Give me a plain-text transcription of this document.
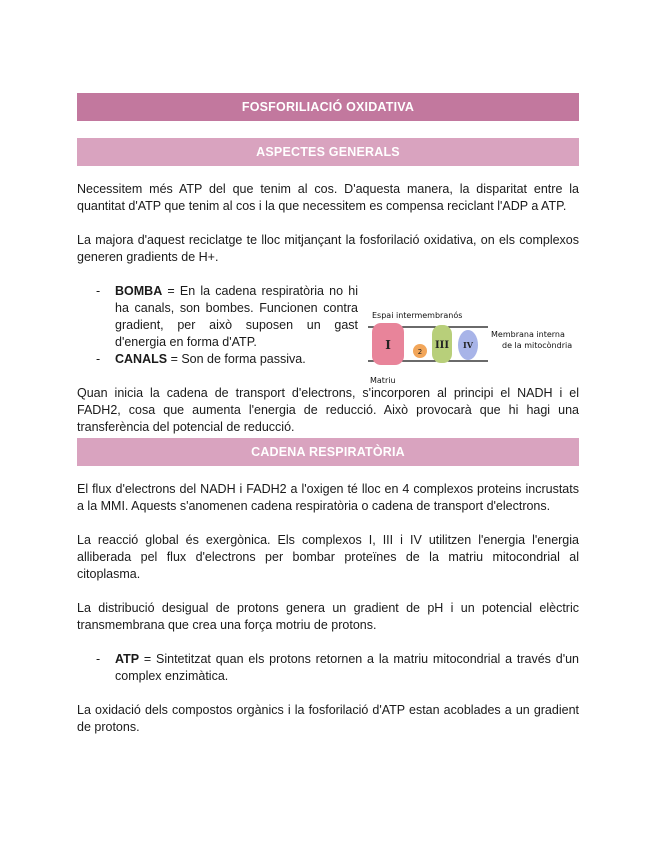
FOSFORILIACIÓ OXIDATIVA
ASPECTES GENERALS

Necessitem més ATP del que tenim al cos. D'aquesta manera, la disparitat entre la quantitat d'ATP que tenim al cos i la que necessitem es compensa reciclant l'ADP a ATP.

La majora d'aquest reciclatge te lloc mitjançant la fosforilació oxidativa, on els complexos generen gradients de H+.

- BOMBA = En la cadena respiratòria no hi ha canals, son bombes. Funcionen contra gradient, per això suposen un gast d'energia en forma d'ATP.
- CANALS = Son de forma passiva.

Quan inicia la cadena de transport d'electrons, s'incorporen al principi el NADH i el FADH2, cosa que aumenta l'energia de reducció. Això provocarà que hi hagi una transferència del potencial de reducció.

CADENA RESPIRATÒRIA

El flux d'electrons del NADH i FADH2 a l'oxigen té lloc en 4 complexos proteins incrustats a la MMI. Aquests s'anomenen cadena respiratòria o cadena de transport d'electrons.

La reacció global és exergònica. Els complexos I, III i IV utilitzen l'energia l'energia alliberada pel flux d'electrons per bombar proteïnes de la matriu mitocondrial al citoplasma.

La distribució desigual de protons genera un gradient de pH i un potencial elèctric transmembrana que crea una força motriu de protons.

- ATP = Sintetitzat quan els protons retornen a la matriu mitocondrial a través d'un complex enzimàtica.

La oxidació dels compostos orgànics i la fosforilació d'ATP estan acoblades a un gradient de protons.

Espai intermembranós
I	2
III IV
Membrana interna
de la mitocòndria
Matriu
